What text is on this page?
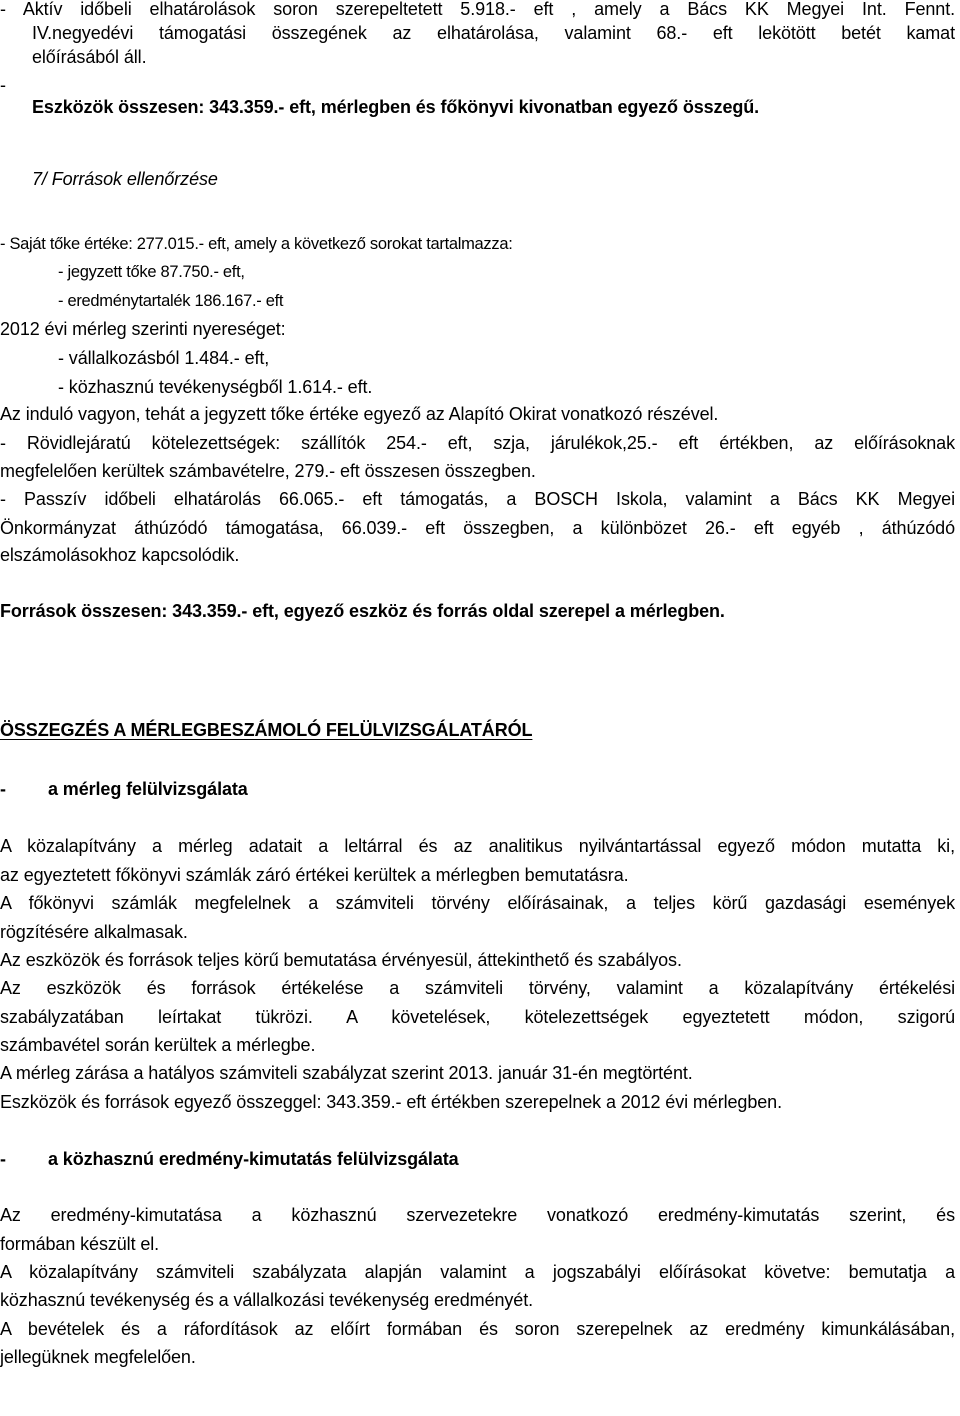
- Aktív időbeli elhatárolások soron szerepeltetett 5.918.- eft , amely a Bács KK Megyei Int. Fennt.
IV.negyedévi támogatási összegének az elhatárolása, valamint 68.- eft lekötött betét kamat
előírásából áll.
-
Eszközök összesen: 343.359.- eft, mérlegben és főkönyvi kivonatban egyező összegű.
7/ Források ellenőrzése
- Saját tőke értéke: 277.015.- eft, amely a következő sorokat tartalmazza:
- jegyzett tőke 87.750.- eft,
- eredménytartalék 186.167.- eft
2012 évi mérleg szerinti nyereséget:
- vállalkozásból 1.484.- eft,
- közhasznú tevékenységből 1.614.- eft.
Az induló vagyon, tehát a jegyzett tőke értéke egyező az Alapító Okirat vonatkozó részével.
- Rövidlejáratú kötelezettségek: szállítók 254.- eft, szja, járulékok,25.- eft értékben, az előírásoknak
megfelelően kerültek számbavételre, 279.- eft összesen összegben.
- Passzív időbeli elhatárolás 66.065.- eft támogatás, a BOSCH Iskola, valamint a Bács KK Megyei
Önkormányzat áthúzódó támogatása, 66.039.- eft összegben, a különbözet 26.- eft egyéb , áthúzódó
elszámolásokhoz kapcsolódik.
Források összesen: 343.359.- eft, egyező eszköz és forrás oldal szerepel a mérlegben.
ÖSSZEGZÉS A MÉRLEGBESZÁMOLÓ FELÜLVIZSGÁLATÁRÓL
- a mérleg felülvizsgálata
A közalapítvány a mérleg adatait a leltárral és az analitikus nyilvántartással egyező módon mutatta ki,
az egyeztetett főkönyvi számlák záró értékei kerültek a mérlegben bemutatásra.
A főkönyvi számlák megfelelnek a számviteli törvény előírásainak, a teljes körű gazdasági események
rögzítésére alkalmasak.
Az eszközök és források teljes körű bemutatása érvényesül, áttekinthető és szabályos.
Az eszközök és források értékelése a számviteli törvény, valamint a közalapítvány értékelési
szabályzatában leírtakat tükrözi. A követelések, kötelezettségek egyeztetett módon, szigorú
számbavétel során kerültek a mérlegbe.
A mérleg zárása a hatályos számviteli szabályzat szerint 2013. január 31-én megtörtént.
Eszközök és források egyező összeggel: 343.359.- eft értékben szerepelnek a 2012 évi mérlegben.
- a közhasznú eredmény-kimutatás felülvizsgálata
Az eredmény-kimutatása a közhasznú szervezetekre vonatkozó eredmény-kimutatás szerint, és
formában készült el.
A közalapítvány számviteli szabályzata alapján valamint a jogszabályi előírásokat követve: bemutatja a
közhasznú tevékenység és a vállalkozási tevékenység eredményét.
A bevételek és a ráfordítások az előírt formában és soron szerepelnek az eredmény kimunkálásában,
jellegüknek megfelelően.
